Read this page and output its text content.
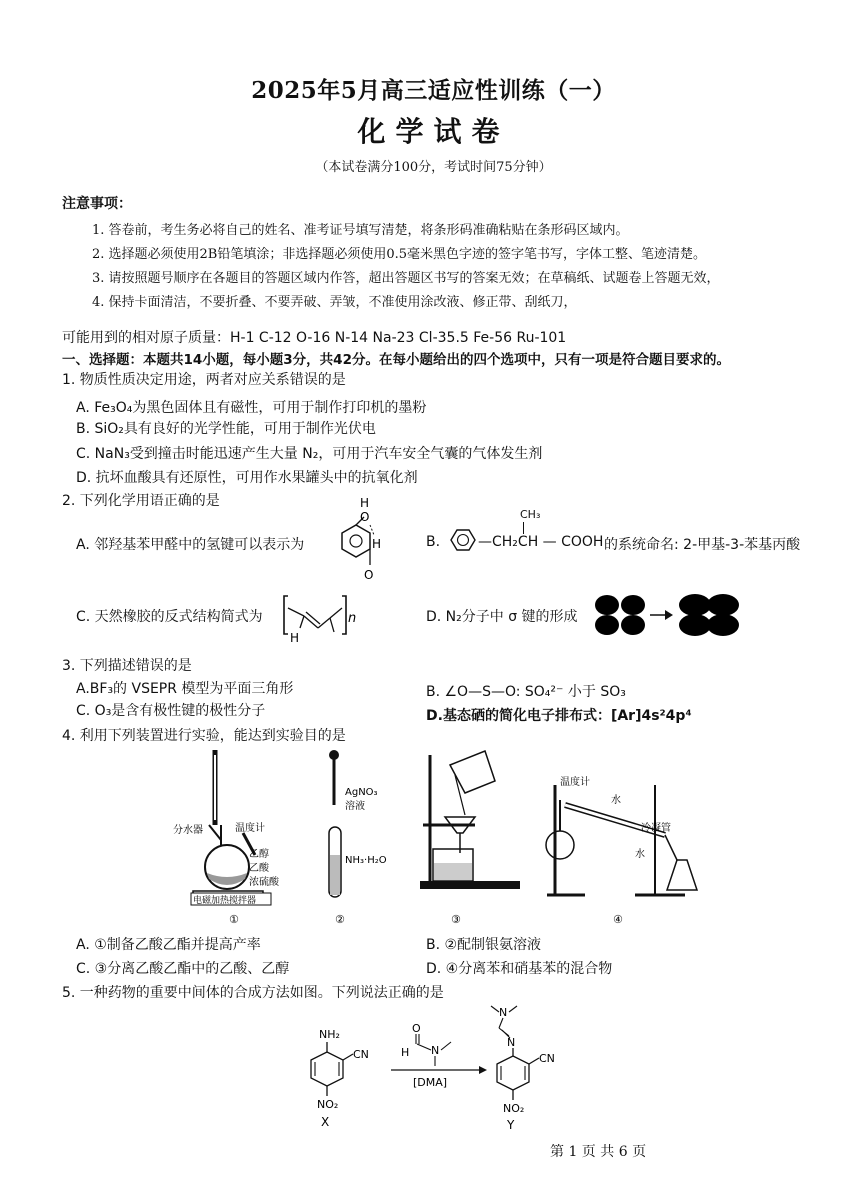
2025年5月高三适应性训练（一）
化学试卷
（本试卷满分100分，考试时间75分钟）
注意事项：
1. 答卷前，考生务必将自己的姓名、准考证号填写清楚，将条形码准确粘贴在条形码区域内。
2. 选择题必须使用2B铅笔填涂；非选择题必须使用0.5毫米黑色字迹的签字笔书写，字体工整、笔迹清楚。
3. 请按照题号顺序在各题目的答题区域内作答，超出答题区书写的答案无效；在草稿纸、试题卷上答题无效，
4. 保持卡面清洁，不要折叠、不要弄破、弄皱，不准使用涂改液、修正带、刮纸刀，
可能用到的相对原子质量：H-1 C-12 O-16 N-14 Na-23 Cl-35.5 Fe-56 Ru-101
一、选择题：本题共14小题，每小题3分，共42分。在每小题给出的四个选项中，只有一项是符合题目要求的。
1. 物质性质决定用途，两者对应关系错误的是
A. Fe₃O₄为黑色固体且有磁性，可用于制作打印机的墨粉
B. SiO₂具有良好的光学性能，可用于制作光伏电
C. NaN₃受到撞击时能迅速产生大量 N₂，可用于汽车安全气囊的气体发生剂
D. 抗坏血酸具有还原性，可用作水果罐头中的抗氧化剂
2. 下列化学用语正确的是
A. 邻羟基苯甲醛中的氢键可以表示为
H
O
H
O
B.	—CH₂CH — COOH
CH₃
的系统命名: 2-甲基-3-苯基丙酸
C. 天然橡胶的反式结构简式为
H
n	D. N₂分子中 σ 键的形成
3. 下列描述错误的是
A.BF₃的 VSEPR 模型为平面三角形	B. ∠O—S—O: SO₄²⁻ 小于 SO₃
C. O₃是含有极性键的极性分子	D.基态硒的简化电子排布式：[Ar]4s²4p⁴
4. 利用下列装置进行实验，能达到实验目的是
分水器	温度计
乙醇
乙酸
浓硫酸
电磁加热搅拌器
①
AgNO₃
溶液
NH₃·H₂O
②	③
温度计
水
冷凝管
水
④
A. ①制备乙酸乙酯并提高产率	B. ②配制银氨溶液
C. ③分离乙酸乙酯中的乙酸、乙醇	D. ④分离苯和硝基苯的混合物
5. 一种药物的重要中间体的合成方法如图。下列说法正确的是
NH₂
CN
NO₂
X
O
H N
[DMA]
N
N
CN
NO₂
Y
第 1 页 共 6 页
